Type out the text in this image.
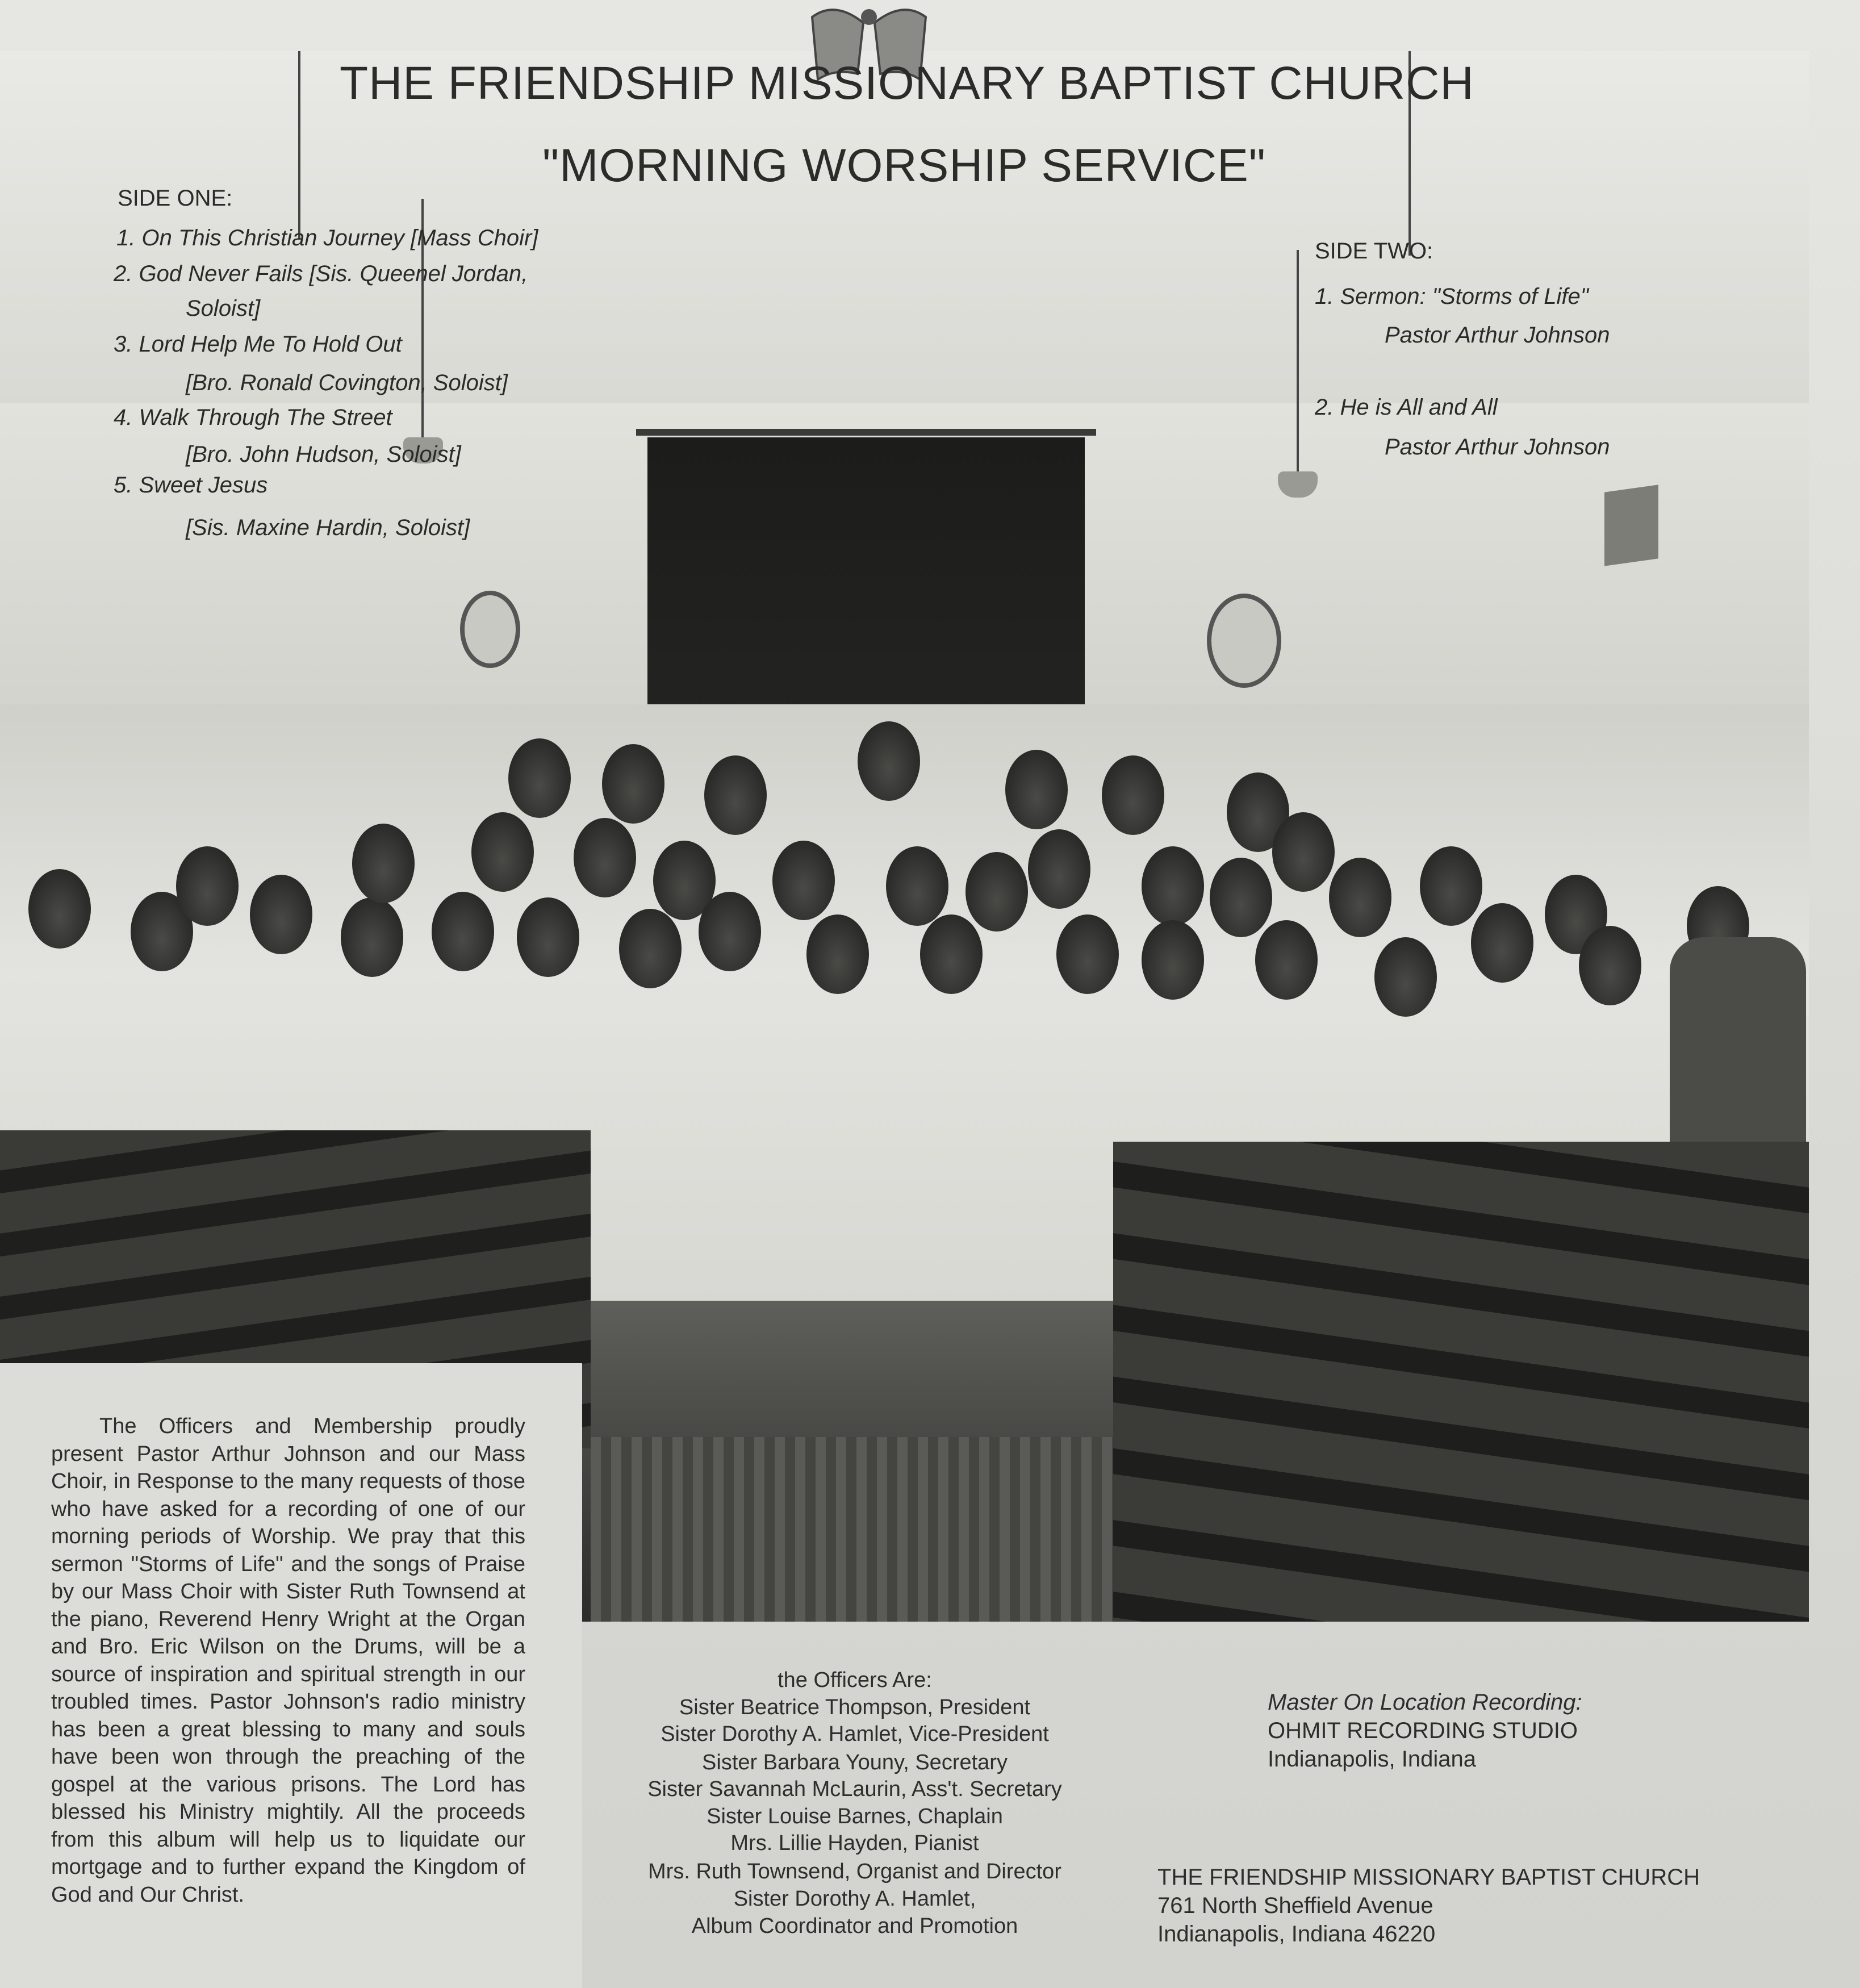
THE FRIENDSHIP MISSIONARY BAPTIST CHURCH
"MORNING WORSHIP SERVICE"
SIDE ONE:
1. On This Christian Journey [Mass Choir]
2. God Never Fails [Sis. Queenel Jordan,
Soloist]
3. Lord Help Me To Hold Out
[Bro. Ronald Covington, Soloist]
4. Walk Through The Street
[Bro. John Hudson, Soloist]
5. Sweet Jesus
[Sis. Maxine Hardin, Soloist]
SIDE TWO:
1. Sermon: "Storms of Life"
Pastor Arthur Johnson
2. He is All and All
Pastor Arthur Johnson
The Officers and Membership proudly present Pastor Arthur Johnson and our Mass Choir, in Response to the many requests of those who have asked for a recording of one of our morning periods of Worship. We pray that this sermon "Storms of Life" and the songs of Praise by our Mass Choir with Sister Ruth Townsend at the piano, Reverend Henry Wright at the Organ and Bro. Eric Wilson on the Drums, will be a source of inspiration and spiritual strength in our troubled times. Pastor Johnson's radio ministry has been a great blessing to many and souls have been won through the preaching of the gospel at the various prisons. The Lord has blessed his Ministry mightily. All the proceeds from this album will help us to liquidate our mortgage and to further expand the Kingdom of God and Our Christ.
the Officers Are:
Sister Beatrice Thompson, President
Sister Dorothy A. Hamlet, Vice-President
Sister Barbara Youny, Secretary
Sister Savannah McLaurin, Ass't. Secretary
Sister Louise Barnes, Chaplain
Mrs. Lillie Hayden, Pianist
Mrs. Ruth Townsend, Organist and Director
Sister Dorothy A. Hamlet,
Album Coordinator and Promotion
Master On Location Recording:
OHMIT RECORDING STUDIO
Indianapolis, Indiana
THE FRIENDSHIP MISSIONARY BAPTIST CHURCH
761 North Sheffield Avenue
Indianapolis, Indiana 46220
